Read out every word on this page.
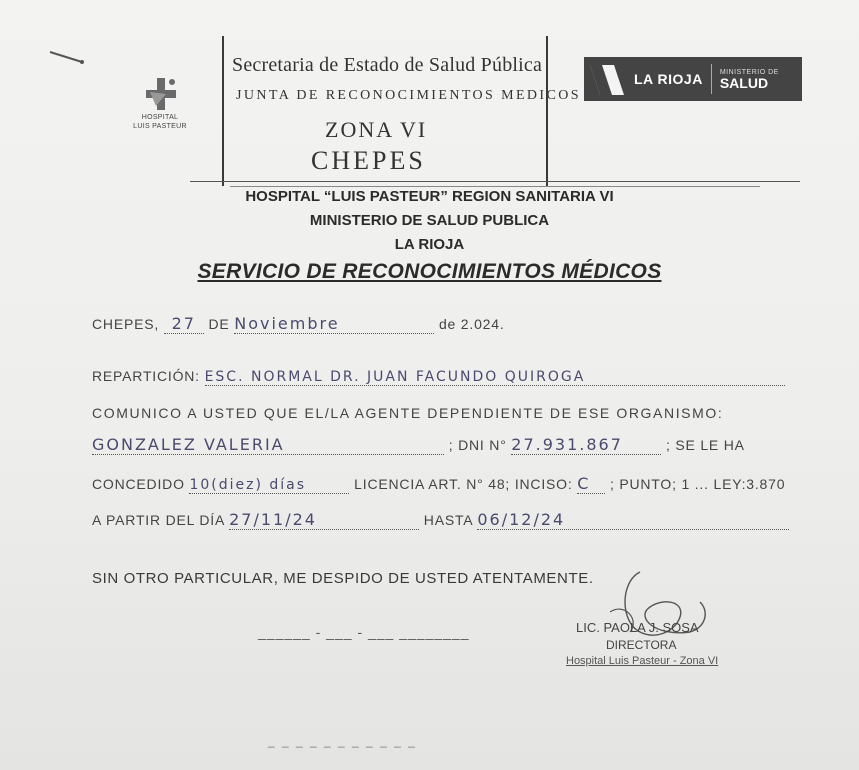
HOSPITAL
LUIS PASTEUR
Secretaria de Estado de Salud Pública
JUNTA DE RECONOCIMIENTOS MEDICOS
ZONA VI
CHEPES
LA RIOJA MINISTERIO DE
SALUD
HOSPITAL “LUIS PASTEUR” REGION SANITARIA VI
MINISTERIO DE SALUD PUBLICA
LA RIOJA
SERVICIO DE RECONOCIMIENTOS MÉDICOS
CHEPES, 27 DE Noviembre	de 2.024.
REPARTICIÓN: ESC. NORMAL DR. JUAN FACUNDO QUIROGA
COMUNICO A USTED QUE EL/LA AGENTE DEPENDIENTE DE ESE ORGANISMO:
GONZALEZ VALERIA	; DNI N° 27.931.867	; SE LE HA
CONCEDIDO 10(diez) días	LICENCIA ART. N° 48; INCISO: C ; PUNTO; 1 ... LEY:3.870
A PARTIR DEL DÍA 27/11/24	HASTA 06/12/24
SIN OTRO PARTICULAR, ME DESPIDO DE USTED ATENTAMENTE.
______ - ___ - ___ ________	LIC. PAOLA J. SOSA
DIRECTORA
Hospital Luis Pasteur - Zona VI
_ _ _ _ _ _ _ _ _ _ _
